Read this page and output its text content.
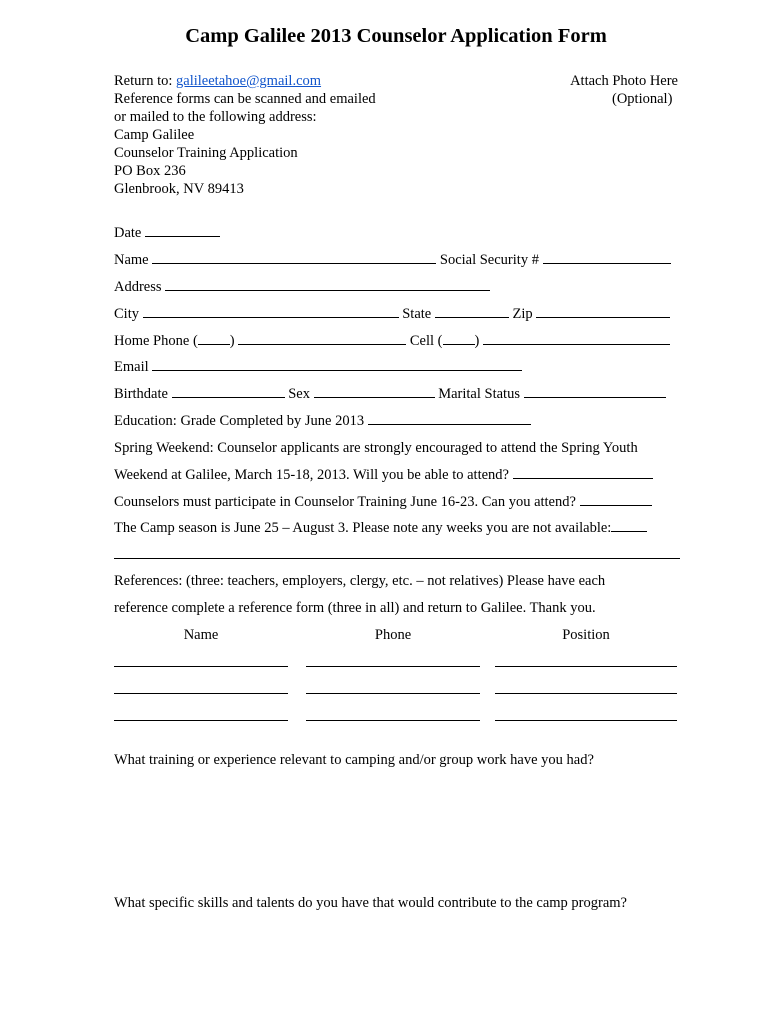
Camp Galilee 2013 Counselor Application Form
Return to: galileetahoe@gmail.com
Reference forms can be scanned and emailed
or mailed to the following address:
Camp Galilee
Counselor Training Application
PO Box 236
Glenbrook, NV 89413
Attach Photo Here
(Optional)
Date
Name	Social Security #
Address
City	State	Zip
Home Phone ( )	Cell ( )
Email
Birthdate	Sex	Marital Status
Education: Grade Completed by June 2013
Spring Weekend: Counselor applicants are strongly encouraged to attend the Spring Youth
Weekend at Galilee, March 15-18, 2013. Will you be able to attend?
Counselors must participate in Counselor Training June 16-23. Can you attend?
The Camp season is June 25 – August 3. Please note any weeks you are not available:
References: (three: teachers, employers, clergy, etc. – not relatives) Please have each
reference complete a reference form (three in all) and return to Galilee. Thank you.
Name	Phone	Position
What training or experience relevant to camping and/or group work have you had?
What specific skills and talents do you have that would contribute to the camp program?
